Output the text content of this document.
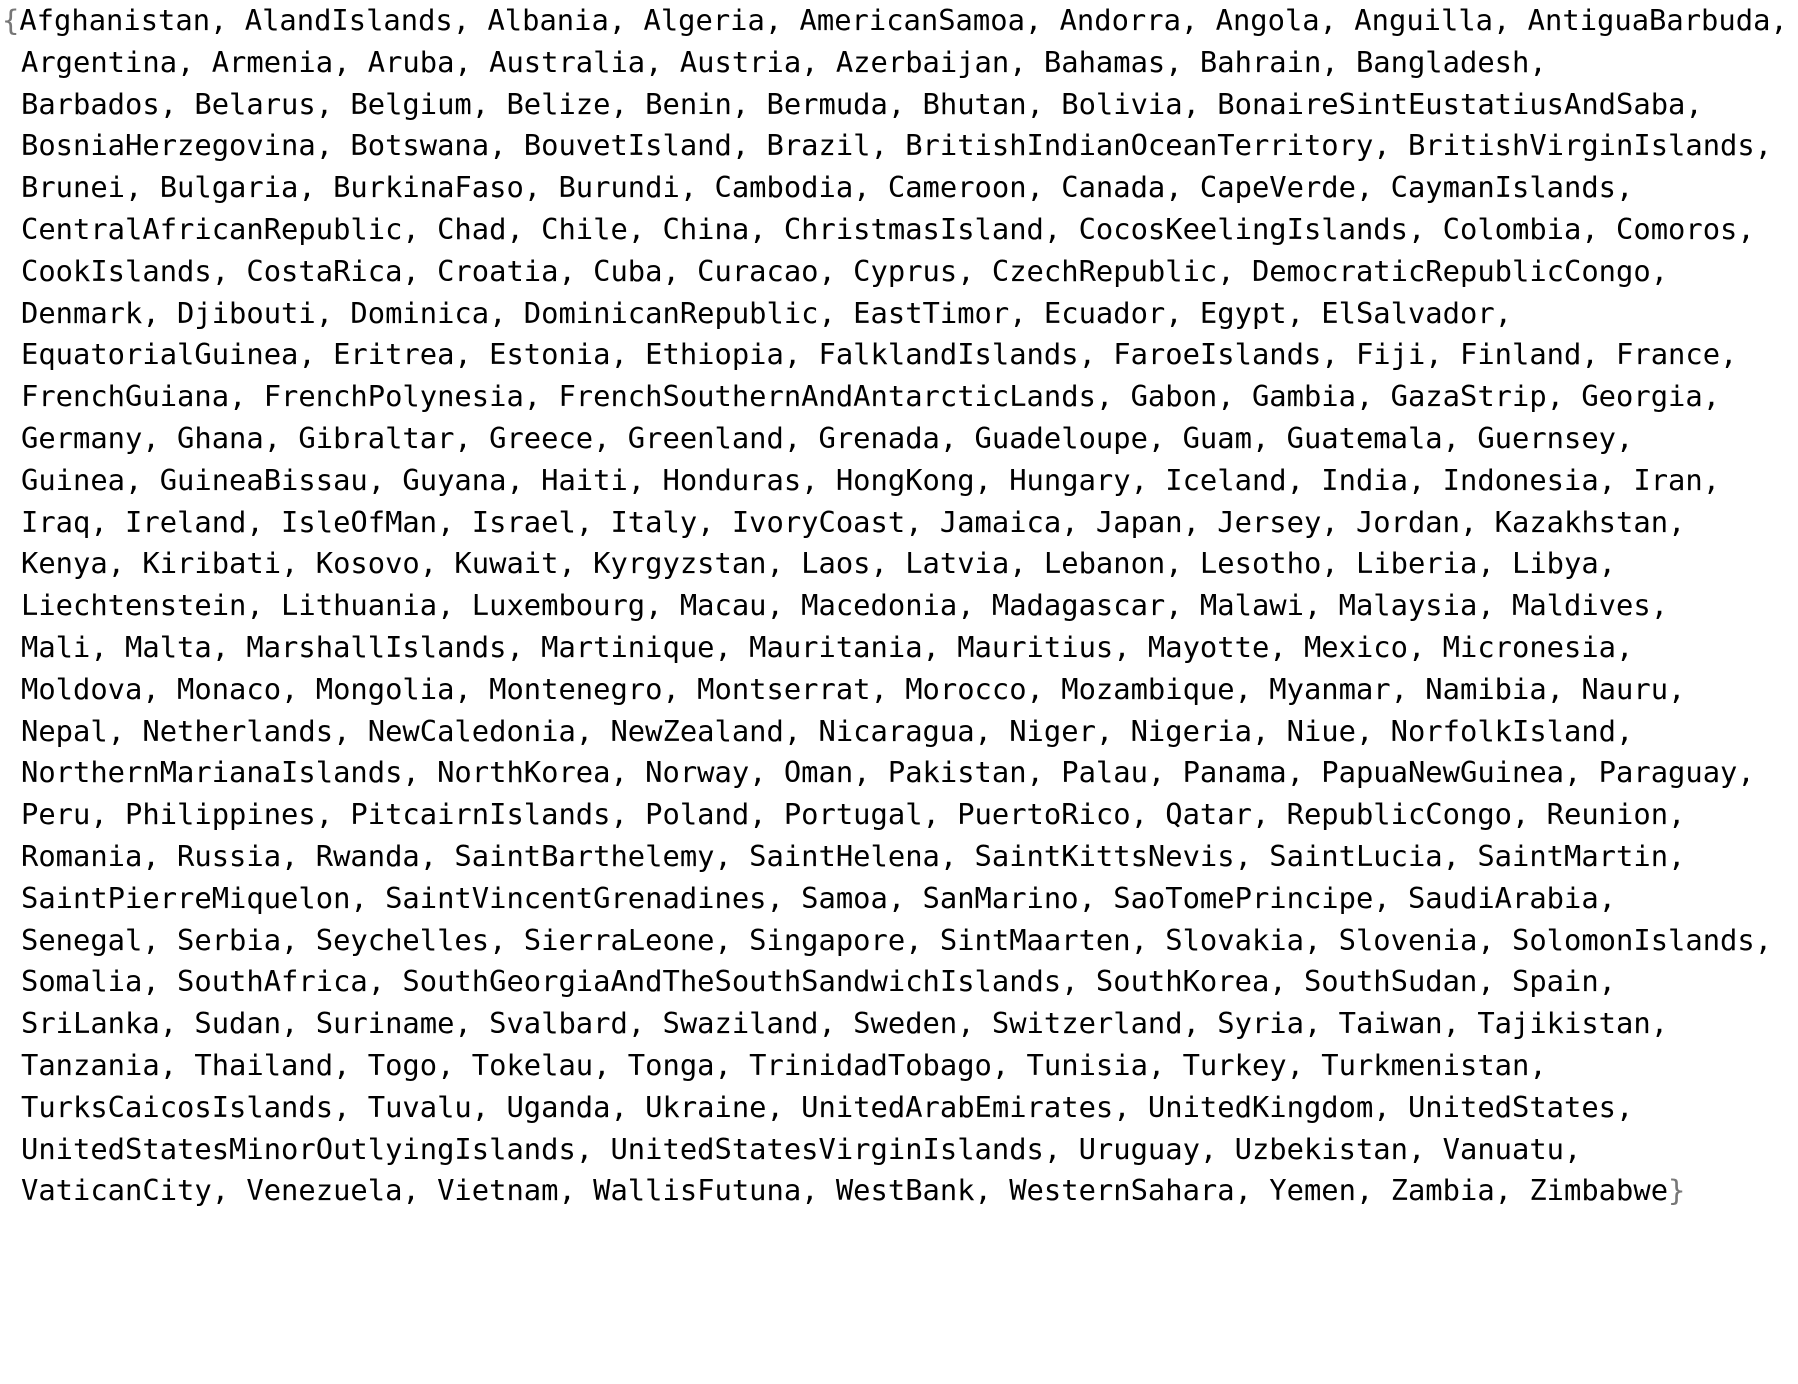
{Afghanistan, AlandIslands, Albania, Algeria, AmericanSamoa, Andorra, Angola, Anguilla, AntiguaBarbuda,
Argentina, Armenia, Aruba, Australia, Austria, Azerbaijan, Bahamas, Bahrain, Bangladesh,
Barbados, Belarus, Belgium, Belize, Benin, Bermuda, Bhutan, Bolivia, BonaireSintEustatiusAndSaba,
BosniaHerzegovina, Botswana, BouvetIsland, Brazil, BritishIndianOceanTerritory, BritishVirginIslands,
Brunei, Bulgaria, BurkinaFaso, Burundi, Cambodia, Cameroon, Canada, CapeVerde, CaymanIslands,
CentralAfricanRepublic, Chad, Chile, China, ChristmasIsland, CocosKeelingIslands, Colombia, Comoros,
CookIslands, CostaRica, Croatia, Cuba, Curacao, Cyprus, CzechRepublic, DemocraticRepublicCongo,
Denmark, Djibouti, Dominica, DominicanRepublic, EastTimor, Ecuador, Egypt, ElSalvador,
EquatorialGuinea, Eritrea, Estonia, Ethiopia, FalklandIslands, FaroeIslands, Fiji, Finland, France,
FrenchGuiana, FrenchPolynesia, FrenchSouthernAndAntarcticLands, Gabon, Gambia, GazaStrip, Georgia,
Germany, Ghana, Gibraltar, Greece, Greenland, Grenada, Guadeloupe, Guam, Guatemala, Guernsey,
Guinea, GuineaBissau, Guyana, Haiti, Honduras, HongKong, Hungary, Iceland, India, Indonesia, Iran,
Iraq, Ireland, IsleOfMan, Israel, Italy, IvoryCoast, Jamaica, Japan, Jersey, Jordan, Kazakhstan,
Kenya, Kiribati, Kosovo, Kuwait, Kyrgyzstan, Laos, Latvia, Lebanon, Lesotho, Liberia, Libya,
Liechtenstein, Lithuania, Luxembourg, Macau, Macedonia, Madagascar, Malawi, Malaysia, Maldives,
Mali, Malta, MarshallIslands, Martinique, Mauritania, Mauritius, Mayotte, Mexico, Micronesia,
Moldova, Monaco, Mongolia, Montenegro, Montserrat, Morocco, Mozambique, Myanmar, Namibia, Nauru,
Nepal, Netherlands, NewCaledonia, NewZealand, Nicaragua, Niger, Nigeria, Niue, NorfolkIsland,
NorthernMarianaIslands, NorthKorea, Norway, Oman, Pakistan, Palau, Panama, PapuaNewGuinea, Paraguay,
Peru, Philippines, PitcairnIslands, Poland, Portugal, PuertoRico, Qatar, RepublicCongo, Reunion,
Romania, Russia, Rwanda, SaintBarthelemy, SaintHelena, SaintKittsNevis, SaintLucia, SaintMartin,
SaintPierreMiquelon, SaintVincentGrenadines, Samoa, SanMarino, SaoTomePrincipe, SaudiArabia,
Senegal, Serbia, Seychelles, SierraLeone, Singapore, SintMaarten, Slovakia, Slovenia, SolomonIslands,
Somalia, SouthAfrica, SouthGeorgiaAndTheSouthSandwichIslands, SouthKorea, SouthSudan, Spain,
SriLanka, Sudan, Suriname, Svalbard, Swaziland, Sweden, Switzerland, Syria, Taiwan, Tajikistan,
Tanzania, Thailand, Togo, Tokelau, Tonga, TrinidadTobago, Tunisia, Turkey, Turkmenistan,
TurksCaicosIslands, Tuvalu, Uganda, Ukraine, UnitedArabEmirates, UnitedKingdom, UnitedStates,
UnitedStatesMinorOutlyingIslands, UnitedStatesVirginIslands, Uruguay, Uzbekistan, Vanuatu,
VaticanCity, Venezuela, Vietnam, WallisFutuna, WestBank, WesternSahara, Yemen, Zambia, Zimbabwe}
